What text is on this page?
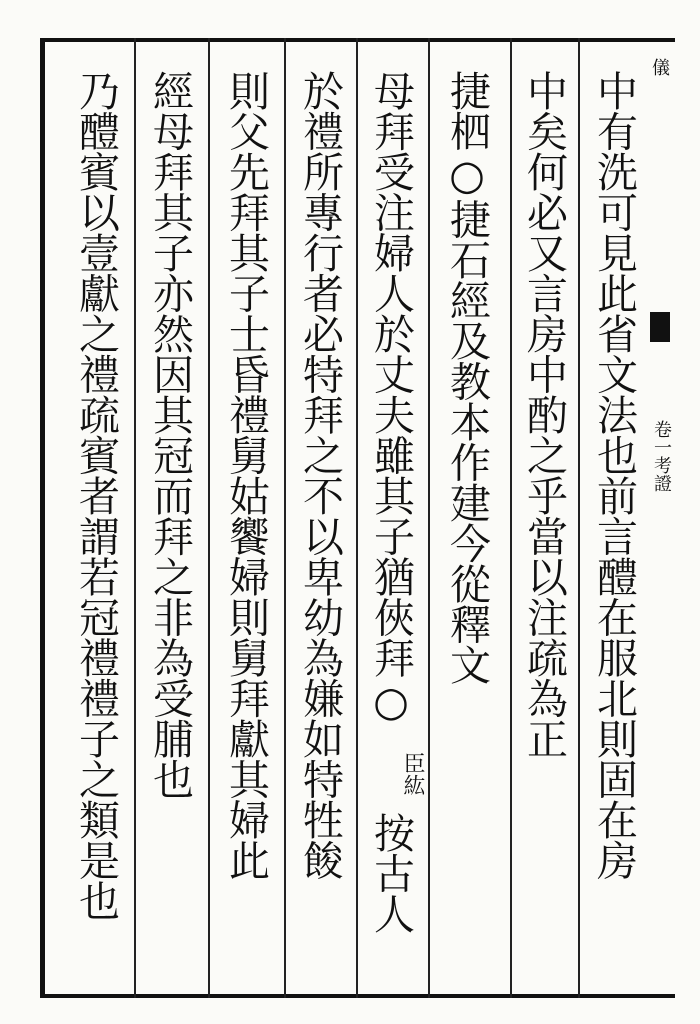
中有洗可見此省文法也前言醴在服北則固在房
中矣何必又言房中酌之乎當以注疏為正
捷柶○捷石經及教本作建今從釋文
母拜受注婦人於丈夫雖其子猶俠拜○
於禮所專行者必特拜之不以卑幼為嫌如特牲餕
則父先拜其子士昏禮舅姑饗婦則舅拜獻其婦此
經母拜其子亦然因其冠而拜之非為受脯也
乃醴賓以壹獻之禮疏賓者謂若冠禮禮子之類是也	臣紘
按古人
儀
卷一考證
